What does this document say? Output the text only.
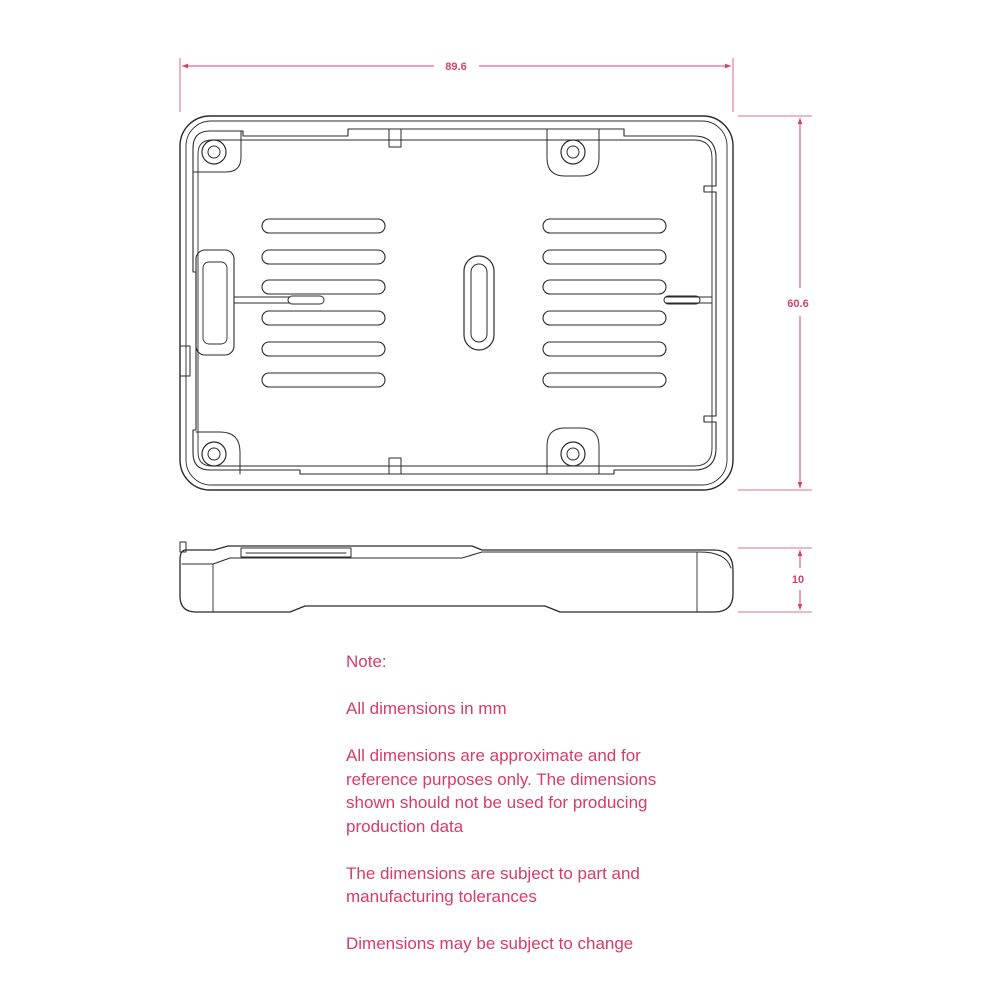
89.6
60.6
10

Note:

All dimensions in mm

All dimensions are approximate and for reference purposes only. The dimensions shown should not be used for producing production data

The dimensions are subject to part and manufacturing tolerances

Dimensions may be subject to change
